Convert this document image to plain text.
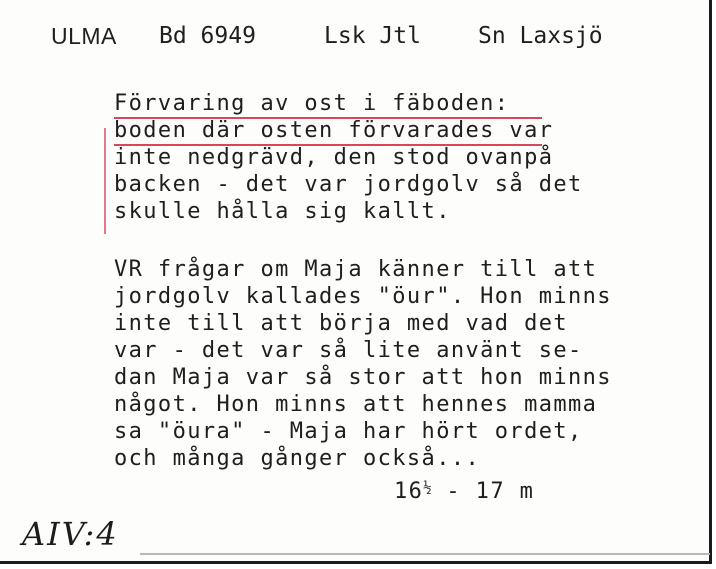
ULMA

Bd 6949

	Lsk Jtl

Sn Laxsjö

Förvaring av ost i fäboden:
boden där osten förvarades var
inte nedgrävd, den stod ovanpå
backen - det var jordgolv så det
skulle hålla sig kallt.
VR frågar om Maja känner till att
jordgolv kallades "öur". Hon minns
inte till att börja med vad det
var - det var så lite använt se-
dan Maja var så stor att hon minns
något. Hon minns att hennes mamma
sa "öura" - Maja har hört ordet,
och många gånger också...
$16^{\frac{1}{2}} - 17$ m
AIV:4
